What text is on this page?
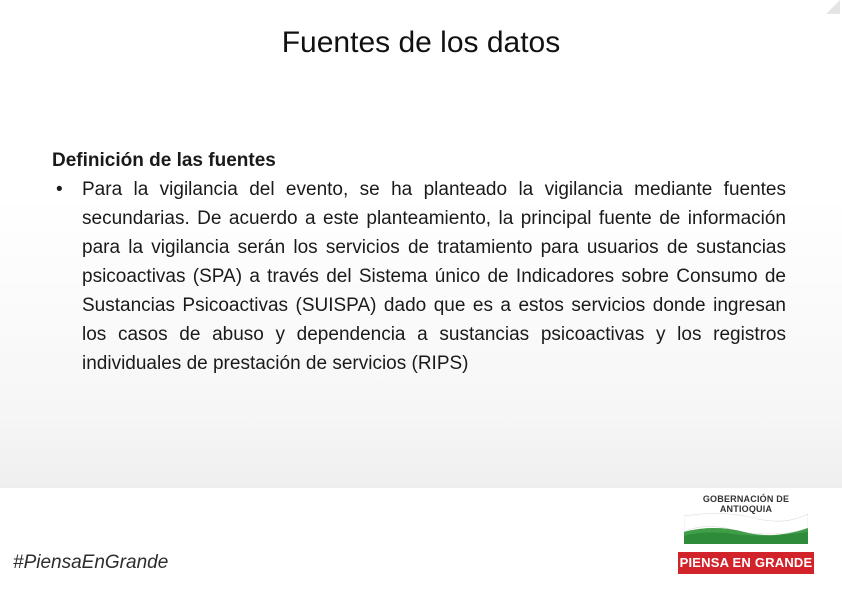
Fuentes de los datos

Definición de las fuentes

• Para la vigilancia del evento, se ha planteado la vigilancia mediante fuentes secundarias. De acuerdo a este planteamiento, la principal fuente de información para la vigilancia serán los servicios de tratamiento para usuarios de sustancias psicoactivas (SPA) a través del Sistema único de Indicadores sobre Consumo de Sustancias Psicoactivas (SUISPA) dado que es a estos servicios donde ingresan los casos de abuso y dependencia a sustancias psicoactivas y los registros individuales de prestación de servicios (RIPS)
#PiensaEnGrande
GOBERNACIÓN DE ANTIOQUIA
PIENSA EN GRANDE
